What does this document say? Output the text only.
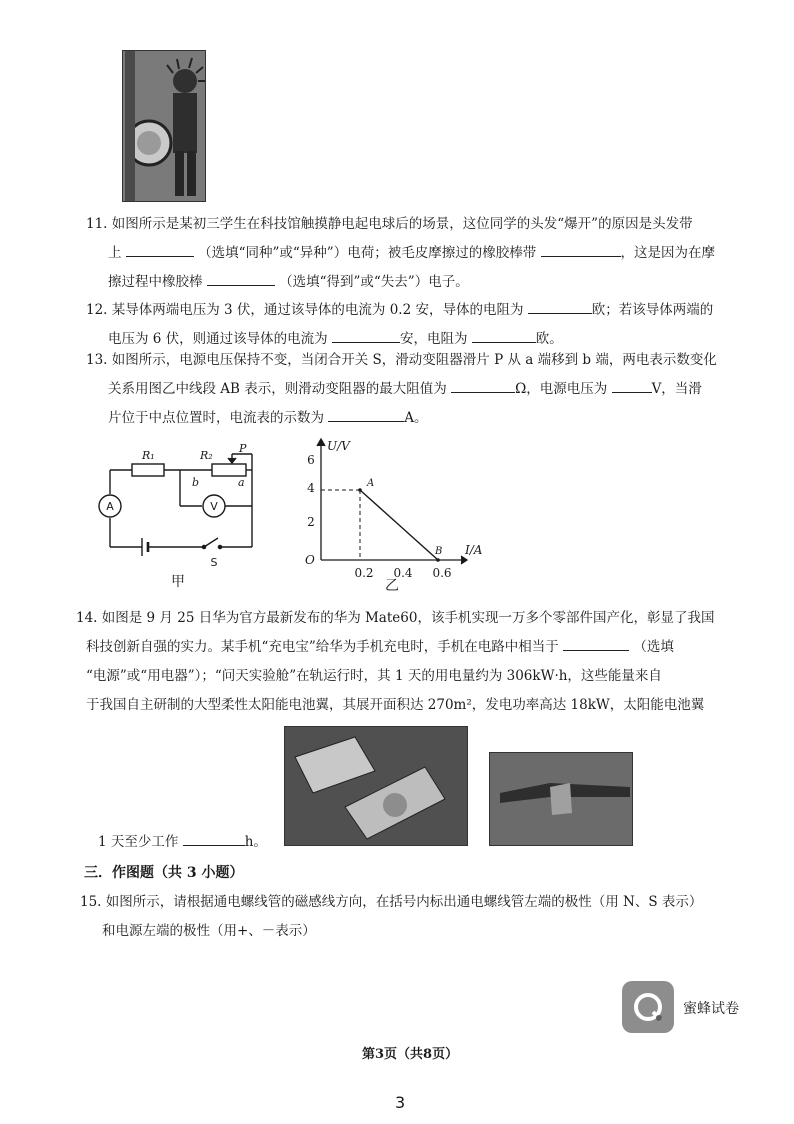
11. 如图所示是某初三学生在科技馆触摸静电起电球后的场景，这位同学的头发“爆开”的原因是头发带
上	（选填“同种”或“异种”）电荷；被毛皮摩擦过的橡胶棒带	，这是因为在摩
擦过程中橡胶棒	（选填“得到”或“失去”）电子。
12. 某导体两端电压为 3 伏，通过该导体的电流为 0.2 安，导体的电阻为	欧；若该导体两端的
电压为 6 伏，则通过该导体的电流为	安，电阻为	欧。
13. 如图所示，电源电压保持不变，当闭合开关 S，滑动变阻器滑片 P 从 a 端移到 b 端，两电表示数变化
关系用图乙中线段 AB 表示，则滑动变阻器的最大阻值为	Ω，电源电压为	V，当滑
片位于中点位置时，电流表的示数为	A。
R₁	R₂
P
b	a
A	V
S
甲
U/V
I/A
O
6
4
2
0.2 0.4 0.6
A
B
乙
14. 如图是 9 月 25 日华为官方最新发布的华为 Mate60，该手机实现一万多个零部件国产化，彰显了我国
科技创新自强的实力。某手机“充电宝”给华为手机充电时，手机在电路中相当于	（选填
“电源”或“用电器”）；“问天实验舱”在轨运行时，其 1 天的用电量约为 306kW·h，这些能量来自
于我国自主研制的大型柔性太阳能电池翼，其展开面积达 270m²，发电功率高达 18kW，太阳能电池翼
1 天至少工作	h。
三．作图题（共 3 小题）
15. 如图所示，请根据通电螺线管的磁感线方向，在括号内标出通电螺线管左端的极性（用 N、S 表示）
和电源左端的极性（用+、－表示）
蜜蜂试卷
第3页（共8页）
3
